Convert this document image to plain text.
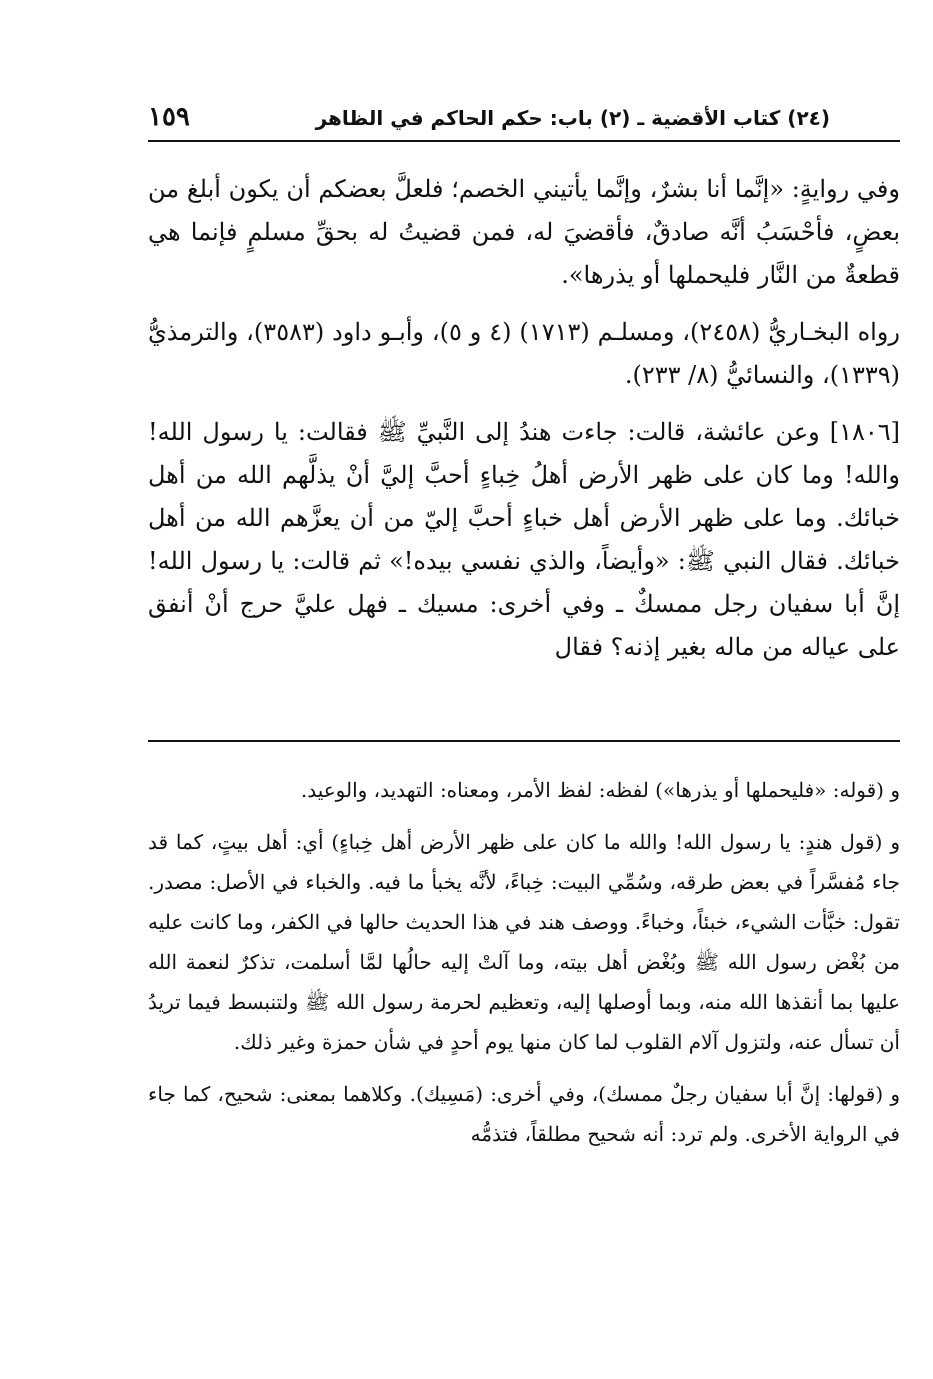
١٥٩	(٢٤) كتاب الأقضية ـ (٢) باب: حكم الحاكم في الظاهر

وفي روايةٍ: «إنَّما أنا بشرٌ، وإنَّما يأتيني الخصم؛ فلعلَّ بعضكم أن يكون أبلغ من بعضٍ، فأحْسَبُ أنَّه صادقٌ، فأقضيَ له، فمن قضيتُ له بحقِّ مسلمٍ فإنما هي قطعةٌ من النَّار فليحملها أو يذرها».

رواه البخـاريُّ (٢٤٥٨)، ومسلـم (١٧١٣) (٤ و ٥)، وأبـو داود (٣٥٨٣)، والترمذيُّ (١٣٣٩)، والنسائيُّ (٨/ ٢٣٣).

[١٨٠٦] وعن عائشة، قالت: جاءت هندُ إلى النَّبيِّ ﷺ فقالت: يا رسول الله! والله! وما كان على ظهر الأرض أهلُ خِباءٍ أحبَّ إليَّ أنْ يذلَّهم الله من أهل خبائك. وما على ظهر الأرض أهل خباءٍ أحبَّ إليّ من أن يعزَّهم الله من أهل خبائك. فقال النبي ﷺ: «وأيضاً، والذي نفسي بيده!» ثم قالت: يا رسول الله! إنَّ أبا سفيان رجل ممسكٌ ـ وفي أخرى: مسيك ـ فهل عليَّ حرج أنْ أنفق على عياله من ماله بغير إذنه؟ فقال

و (قوله: «فليحملها أو يذرها») لفظه: لفظ الأمر، ومعناه: التهديد، والوعيد.

و (قول هندٍ: يا رسول الله! والله ما كان على ظهر الأرض أهل خِباءٍ) أي: أهل بيتٍ، كما قد جاء مُفسَّراً في بعض طرقه، وسُمِّي البيت: خِباءً، لأنَّه يخبأ ما فيه. والخباء في الأصل: مصدر. تقول: خبَّأت الشيء، خبئاً، وخباءً. ووصف هند في هذا الحديث حالها في الكفر، وما كانت عليه من بُغْض رسول الله ﷺ وبُغْض أهل بيته، وما آلتْ إليه حالُها لمَّا أسلمت، تذكرٌ لنعمة الله عليها بما أنقذها الله منه، وبما أوصلها إليه، وتعظيم لحرمة رسول الله ﷺ ولتنبسط فيما تريدُ أن تسأل عنه، ولتزول آلام القلوب لما كان منها يوم أحدٍ في شأن حمزة وغير ذلك.

و (قولها: إنَّ أبا سفيان رجلٌ ممسك)، وفي أخرى: (مَسِيك). وكلاهما بمعنى: شحيح، كما جاء في الرواية الأخرى. ولم ترد: أنه شحيح مطلقاً، فتذمُّه
